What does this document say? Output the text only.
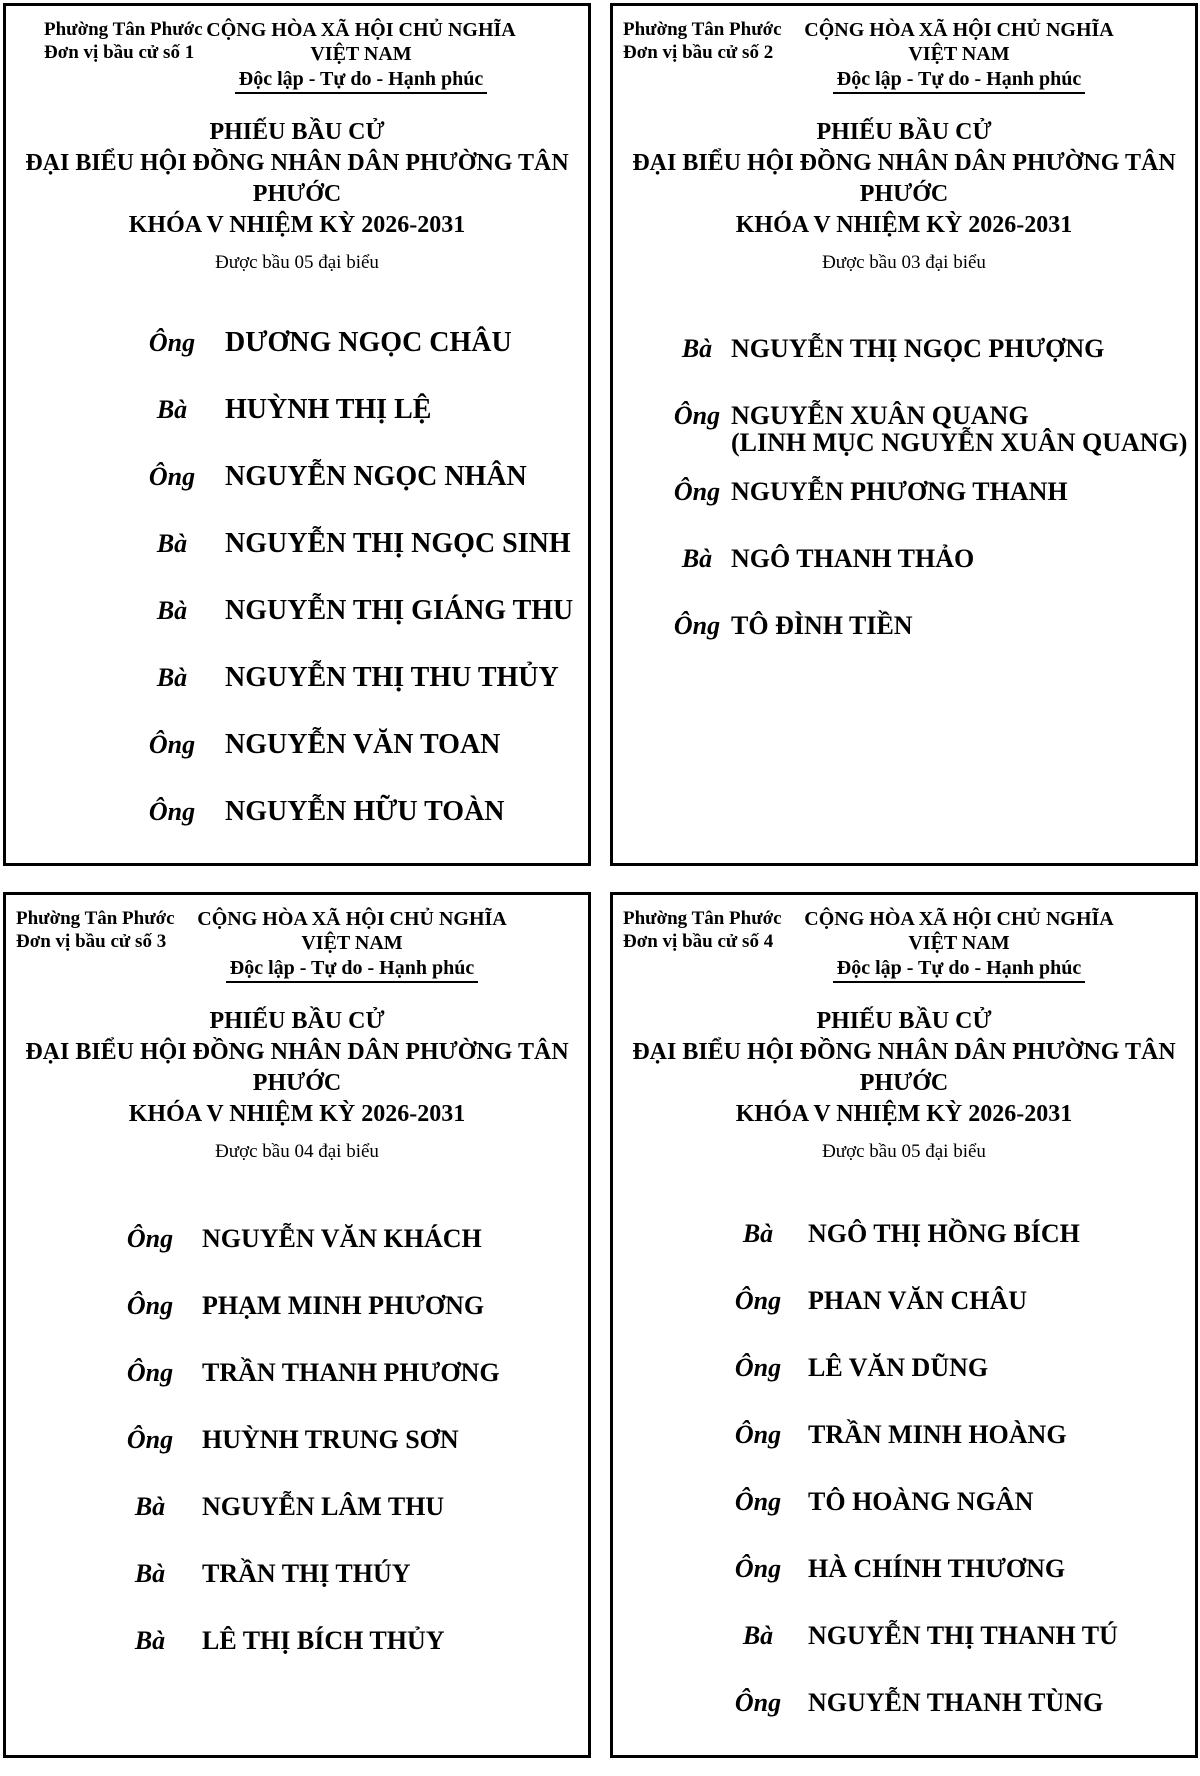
Phường Tân Phước
Đơn vị bầu cử số 1
CỘNG HÒA XÃ HỘI CHỦ NGHĨA VIỆT NAM
Độc lập - Tự do - Hạnh phúc
PHIẾU BẦU CỬ
ĐẠI BIỂU HỘI ĐỒNG NHÂN DÂN PHƯỜNG TÂN PHƯỚC
KHÓA V NHIỆM KỲ 2026-2031
Được bầu 05 đại biểu
Ông DƯƠNG NGỌC CHÂU
Bà	HUỲNH THỊ LỆ
Ông NGUYỄN NGỌC NHÂN
Bà	NGUYỄN THỊ NGỌC SINH
Bà	NGUYỄN THỊ GIÁNG THU
Bà	NGUYỄN THỊ THU THỦY
Ông NGUYỄN VĂN TOAN
Ông NGUYỄN HỮU TOÀN
Phường Tân Phước
Đơn vị bầu cử số 2
CỘNG HÒA XÃ HỘI CHỦ NGHĨA VIỆT NAM
Độc lập - Tự do - Hạnh phúc
PHIẾU BẦU CỬ
ĐẠI BIỂU HỘI ĐỒNG NHÂN DÂN PHƯỜNG TÂN PHƯỚC
KHÓA V NHIỆM KỲ 2026-2031
Được bầu 03 đại biểu
Bà NGUYỄN THỊ NGỌC PHƯỢNG
Ông NGUYỄN XUÂN QUANG
(LINH MỤC NGUYỄN XUÂN QUANG)
Ông NGUYỄN PHƯƠNG THANH
Bà NGÔ THANH THẢO
Ông TÔ ĐÌNH TIỀN
Phường Tân Phước
Đơn vị bầu cử số 3
CỘNG HÒA XÃ HỘI CHỦ NGHĨA VIỆT NAM
Độc lập - Tự do - Hạnh phúc
PHIẾU BẦU CỬ
ĐẠI BIỂU HỘI ĐỒNG NHÂN DÂN PHƯỜNG TÂN PHƯỚC
KHÓA V NHIỆM KỲ 2026-2031
Được bầu 04 đại biểu
Ông NGUYỄN VĂN KHÁCH
Ông PHẠM MINH PHƯƠNG
Ông TRẦN THANH PHƯƠNG
Ông HUỲNH TRUNG SƠN
Bà	NGUYỄN LÂM THU
Bà	TRẦN THỊ THÚY
Bà	LÊ THỊ BÍCH THỦY
Phường Tân Phước
Đơn vị bầu cử số 4
CỘNG HÒA XÃ HỘI CHỦ NGHĨA VIỆT NAM
Độc lập - Tự do - Hạnh phúc
PHIẾU BẦU CỬ
ĐẠI BIỂU HỘI ĐỒNG NHÂN DÂN PHƯỜNG TÂN PHƯỚC
KHÓA V NHIỆM KỲ 2026-2031
Được bầu 05 đại biểu
Bà	NGÔ THỊ HỒNG BÍCH
Ông PHAN VĂN CHÂU
Ông LÊ VĂN DŨNG
Ông TRẦN MINH HOÀNG
Ông TÔ HOÀNG NGÂN
Ông HÀ CHÍNH THƯƠNG
Bà	NGUYỄN THỊ THANH TÚ
Ông NGUYỄN THANH TÙNG
